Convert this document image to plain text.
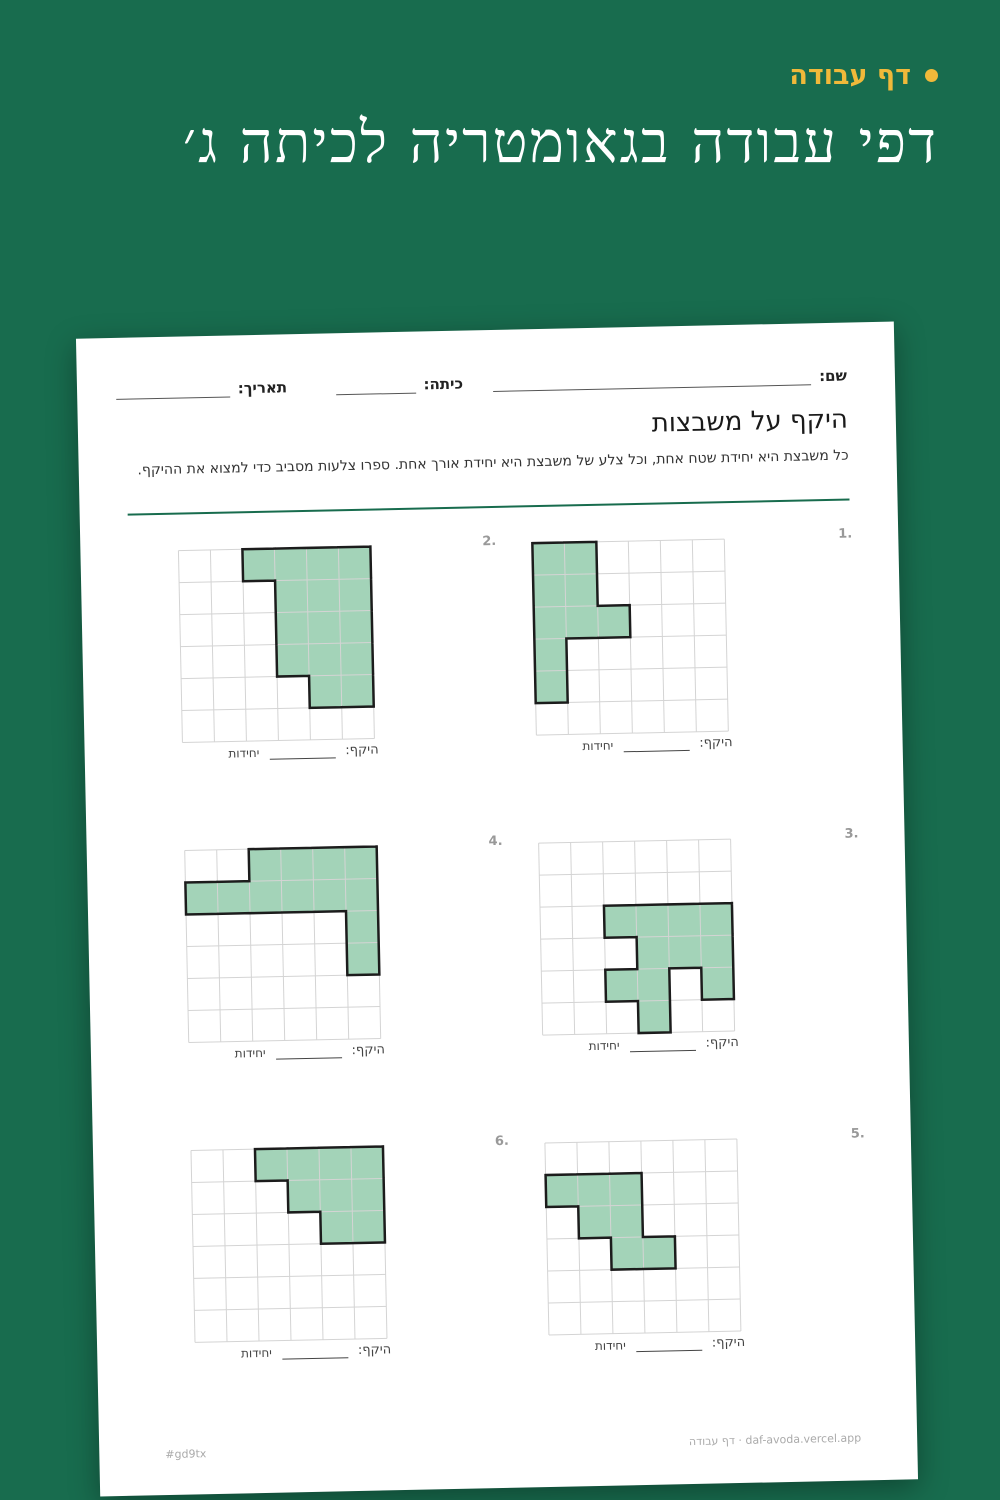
דף עבודה
דפי עבודה בגאומטריה לכיתה ג׳
שם:
כיתה:
תאריך:
היקף על משבצות
כל משבצת היא יחידת שטח אחת, וכל צלע של משבצת היא יחידת אורך אחת. ספרו צלעות מסביב כדי למצוא את ההיקף.
1.
היקף:
יחידות
2.
היקף:
יחידות
3.
היקף:
יחידות
4.
היקף:
יחידות
5.
היקף:
יחידות
6.
היקף:
יחידות
#gd9tx
daf-avoda.vercel.app · דף עבודה
